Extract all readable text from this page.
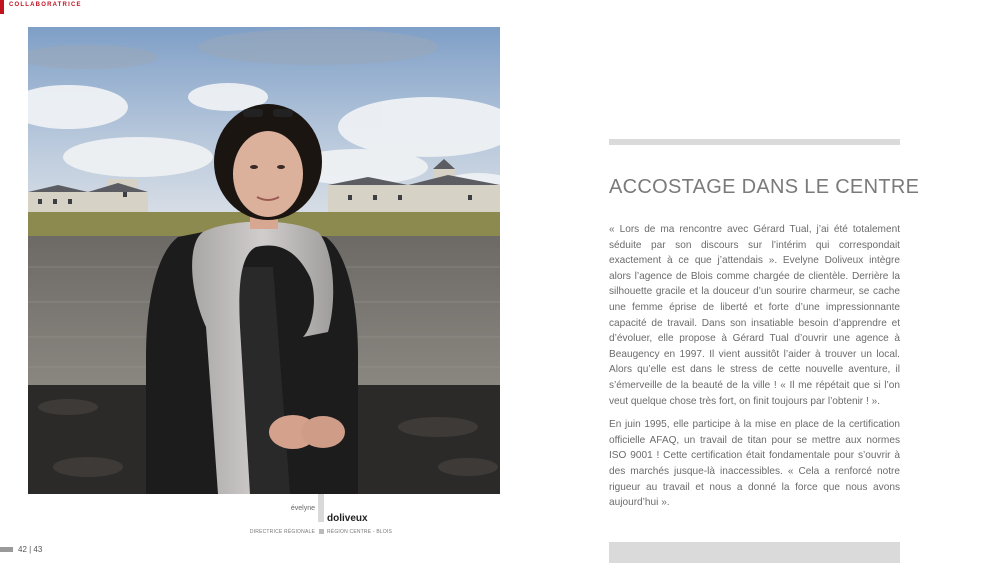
COLLABORATRICE
évelyne
doliveux
DIRECTRICE RÉGIONALE RÉGION CENTRE - BLOIS
42 | 43
ACCOSTAGE DANS LE CENTRE

« Lors de ma rencontre avec Gérard Tual, j’ai été totalement séduite par son discours sur l’intérim qui correspondait exactement à ce que j’attendais ». Evelyne Doliveux intègre alors l’agence de Blois comme chargée de clientèle. Derrière la silhouette gracile et la douceur d’un sourire charmeur, se cache une femme éprise de liberté et forte d’une impressionnante capacité de travail. Dans son insatiable besoin d’apprendre et d’évoluer, elle propose à Gérard Tual d’ouvrir une agence à Beaugency en 1997. Il vient aussitôt l’aider à trouver un local. Alors qu’elle est dans le stress de cette nouvelle aventure, il s’émerveille de la beauté de la ville ! « Il me répétait que si l’on veut quelque chose très fort, on finit toujours par l’obtenir ! ».

En juin 1995, elle participe à la mise en place de la certification officielle AFAQ, un travail de titan pour se mettre aux normes ISO 9001 ! Cette certification était fondamentale pour s’ouvrir à des marchés jusque-là inaccessibles. « Cela a renforcé notre rigueur au travail et nous a donné la force que nous avons aujourd’hui ».
